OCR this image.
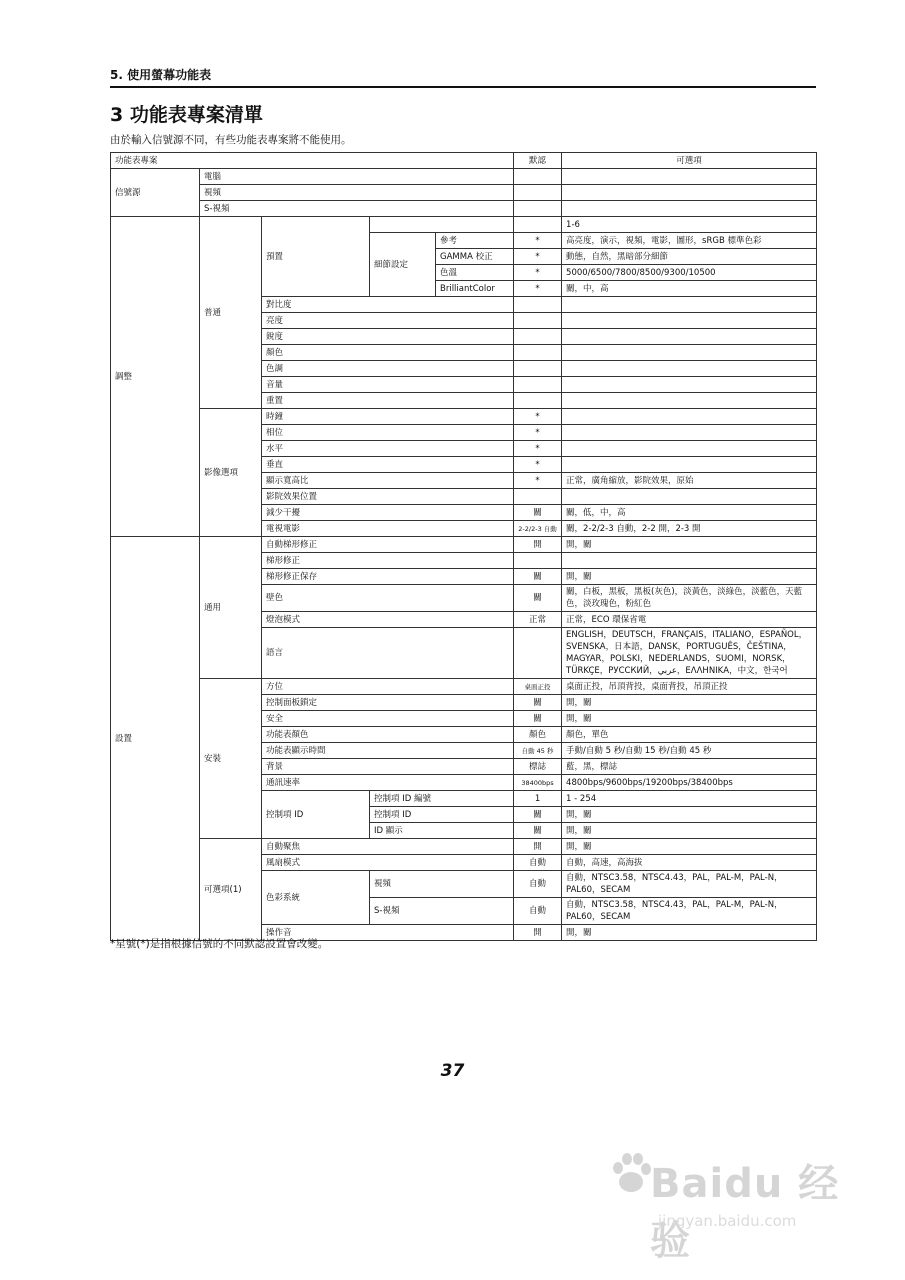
5. 使用螢幕功能表
3 功能表專案清單
由於輸入信號源不同，有些功能表專案將不能使用。
功能表專案					默認	可選項
信號源	電腦					
	視頻					
	S-視頻					
調整	普通	預置				1-6
			細節設定	參考	*	高亮度，演示，視頻，電影，圖形，sRGB 標準色彩
				GAMMA 校正	*	動態，自然，黑暗部分細節
				色溫	*	5000/6500/7800/8500/9300/10500
				BrilliantColor	*	關，中，高
		對比度				
		亮度				
		銳度				
		顏色				
		色調				
		音量				
		重置				
	影像選項	時鐘			*	
		相位			*	
		水平			*	
		垂直			*	
		顯示寬高比			*	正常，廣角縮放，影院效果，原始
		影院效果位置				
		減少干擾			關	關，低，中，高
		電視電影			2-2/2-3 自動	關，2-2/2-3 自動，2-2 開，2-3 開
設置	通用	自動梯形修正			開	開，關
		梯形修正				
		梯形修正保存			關	開，關
		壁色			關	關，白板，黑板，黑板(灰色)，淡黃色，淡綠色，淡藍色，天藍色，淡玫瑰色，粉紅色
		燈泡模式			正常	正常，ECO 環保省電
		語言				ENGLISH，DEUTSCH，FRANÇAIS，ITALIANO，ESPAÑOL，SVENSKA，日本語，DANSK，PORTUGUÊS，ČEŠTINA，MAGYAR，POLSKI，NEDERLANDS，SUOMI，NORSK，TÜRKÇE，РУССКИЙ，عربي，ΕΛΛΗΝΙΚΑ，中文，한국어
	安裝	方位			桌面正投	桌面正投，吊頂背投，桌面背投，吊頂正投
		控制面板鎖定			關	開，關
		安全			關	開，關
		功能表顏色			顏色	顏色，單色
		功能表顯示時間			自動 45 秒	手動/自動 5 秒/自動 15 秒/自動 45 秒
		背景			標誌	藍，黑，標誌
		通訊速率			38400bps	4800bps/9600bps/19200bps/38400bps
		控制項 ID	控制項 ID 編號		1	1 - 254
			控制項 ID		關	開，關
			ID 顯示		關	開，關
	可選項(1)	自動聚焦			開	開，關
		風扇模式			自動	自動，高速，高海拔
		色彩系統	視頻		自動	自動，NTSC3.58，NTSC4.43，PAL，PAL-M，PAL-N，PAL60，SECAM
			S-視頻		自動	自動，NTSC3.58，NTSC4.43，PAL，PAL-M，PAL-N，PAL60，SECAM
		操作音			開	開，關
*星號(*)是指根據信號的不同默認設置會改變。
37
Baidu 经验
jingyan.baidu.com
